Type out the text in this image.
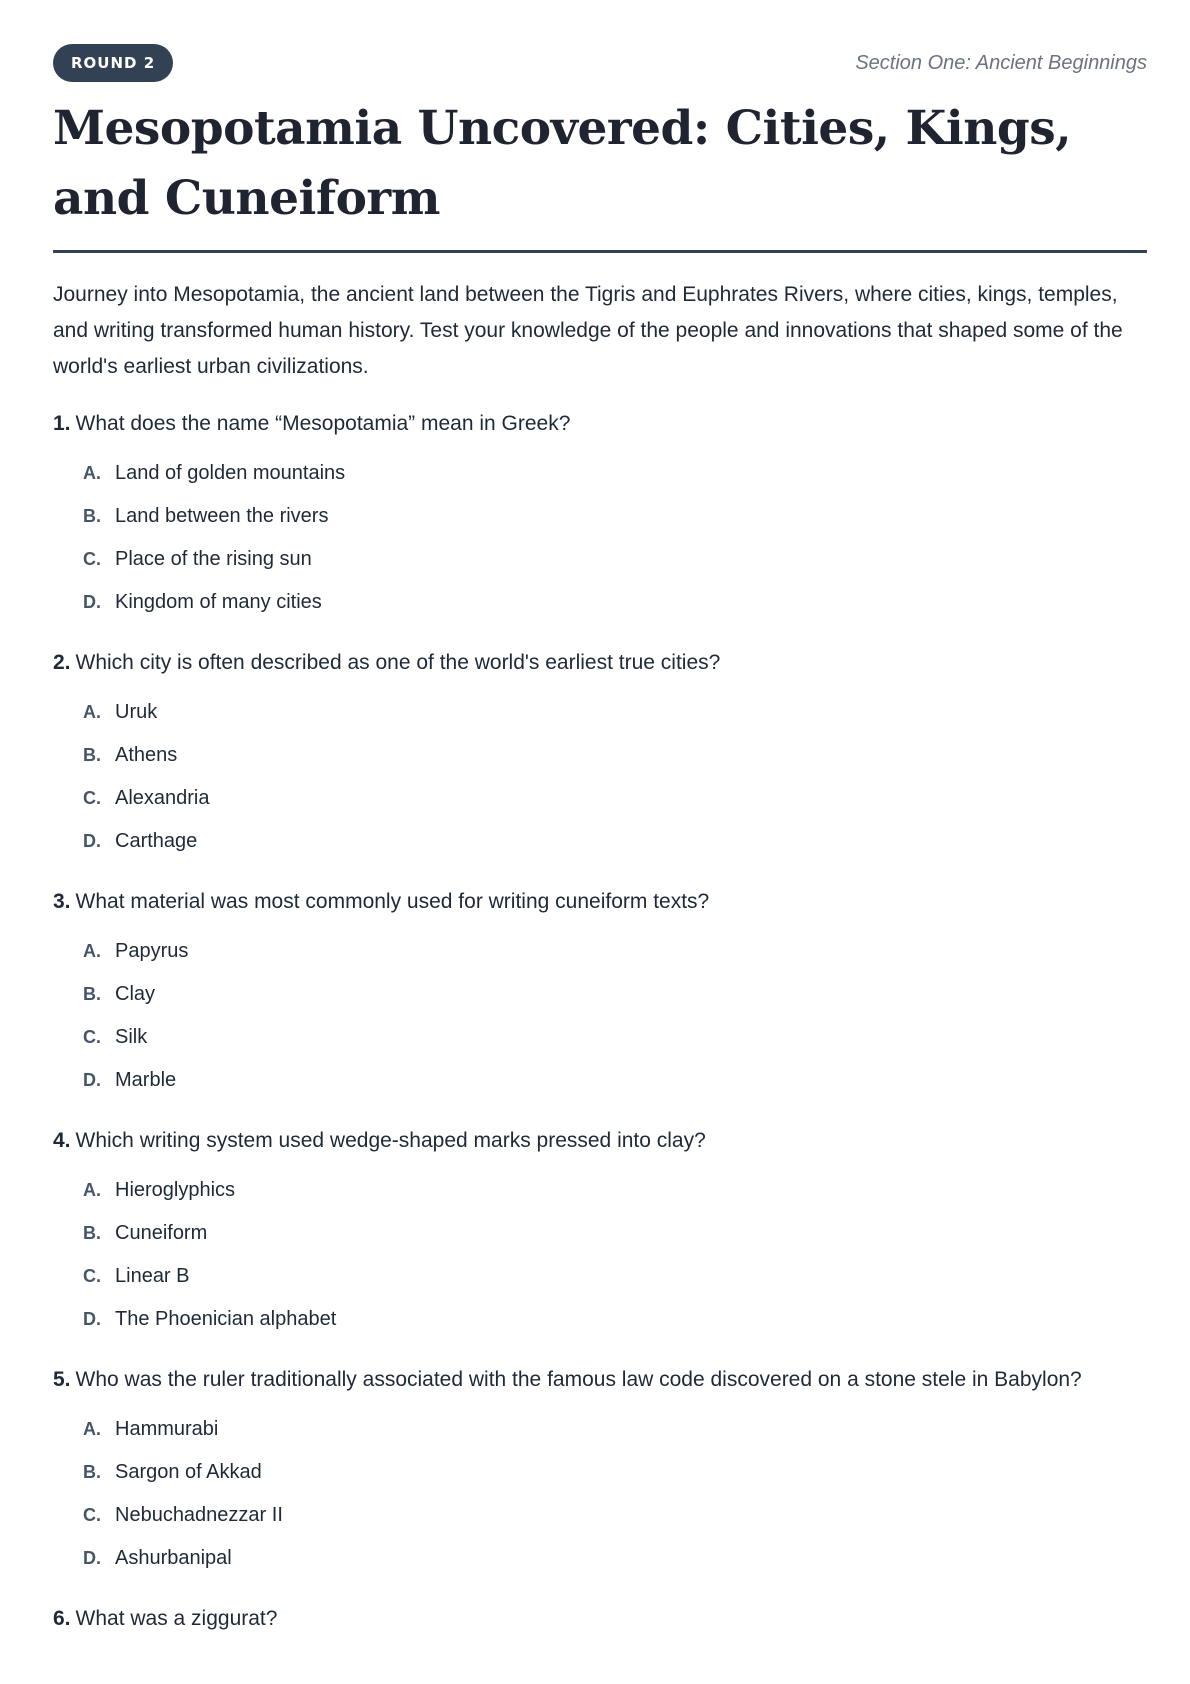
ROUND 2	Section One: Ancient Beginnings
Mesopotamia Uncovered: Cities, Kings, and Cuneiform

Journey into Mesopotamia, the ancient land between the Tigris and Euphrates Rivers, where cities, kings, temples, and writing transformed human history. Test your knowledge of the people and innovations that shaped some of the world's earliest urban civilizations.

1. What does the name “Mesopotamia” mean in Greek?
A. Land of golden mountains
B. Land between the rivers
C. Place of the rising sun
D. Kingdom of many cities
2. Which city is often described as one of the world's earliest true cities?
A. Uruk
B. Athens
C. Alexandria
D. Carthage
3. What material was most commonly used for writing cuneiform texts?
A. Papyrus
B. Clay
C. Silk
D. Marble
4. Which writing system used wedge-shaped marks pressed into clay?
A. Hieroglyphics
B. Cuneiform
C. Linear B
D. The Phoenician alphabet
5. Who was the ruler traditionally associated with the famous law code discovered on a stone stele in Babylon?
A. Hammurabi
B. Sargon of Akkad
C. Nebuchadnezzar II
D. Ashurbanipal
6. What was a ziggurat?
